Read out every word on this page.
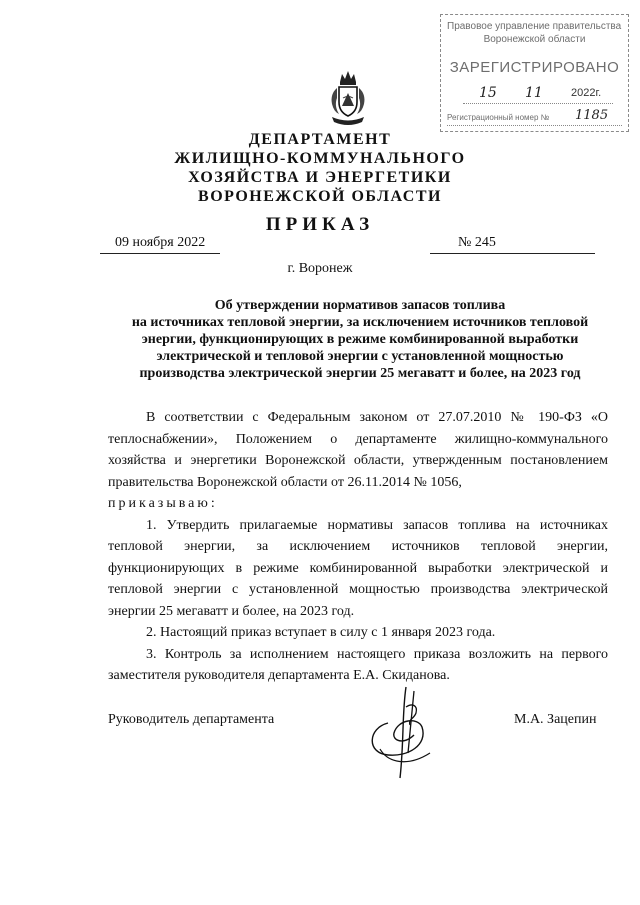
Правовое управление правительства
Воронежской области
ЗАРЕГИСТРИРОВАНО
15 11	2022г.
Регистрационный номер № 1185
ДЕПАРТАМЕНТ
ЖИЛИЩНО-КОММУНАЛЬНОГО
ХОЗЯЙСТВА И ЭНЕРГЕТИКИ
ВОРОНЕЖСКОЙ ОБЛАСТИ
ПРИКАЗ
09 ноября 2022	№ 245
г. Воронеж
Об утверждении нормативов запасов топлива
на источниках тепловой энергии, за исключением источников тепловой
энергии, функционирующих в режиме комбинированной выработки
электрической и тепловой энергии с установленной мощностью
производства электрической энергии 25 мегаватт и более, на 2023 год

В соответствии с Федеральным законом от 27.07.2010 № 190-ФЗ «О теплоснабжении», Положением о департаменте жилищно-коммунального хозяйства и энергетики Воронежской области, утвержденным постановлением правительства Воронежской области от 26.11.2014 № 1056,

приказываю:

1. Утвердить прилагаемые нормативы запасов топлива на источниках тепловой энергии, за исключением источников тепловой энергии, функционирующих в режиме комбинированной выработки электрической и тепловой энергии с установленной мощностью производства электрической энергии 25 мегаватт и более, на 2023 год.

2. Настоящий приказ вступает в силу с 1 января 2023 года.

3. Контроль за исполнением настоящего приказа возложить на первого заместителя руководителя департамента Е.А. Скиданова.

Руководитель департамента	М.А. Зацепин
